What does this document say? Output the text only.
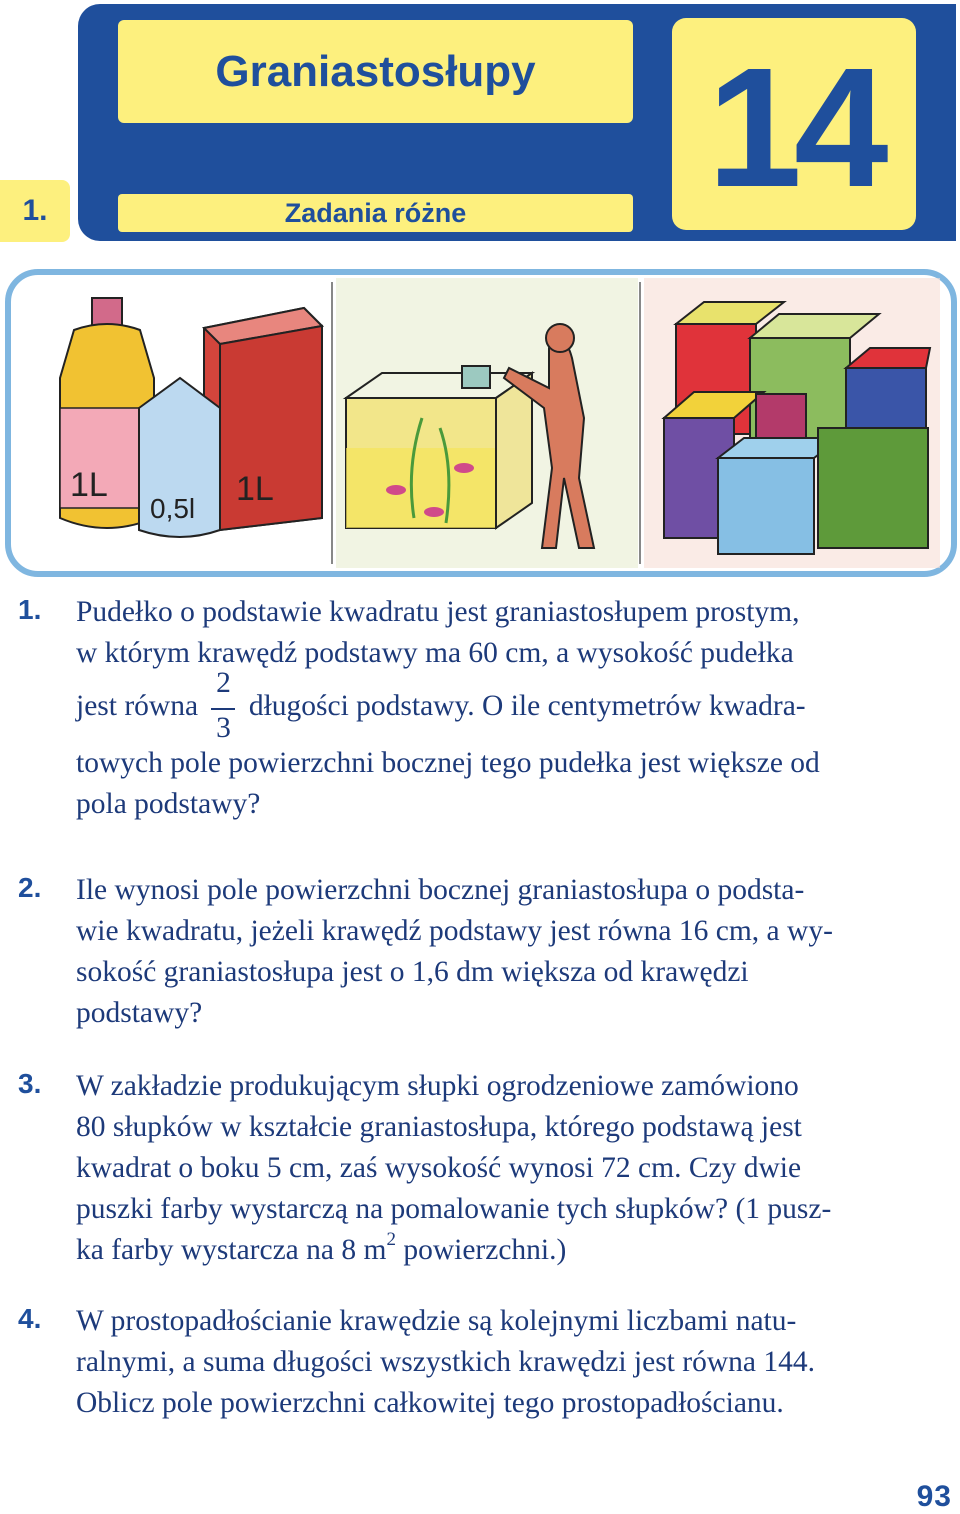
Graniastosłupy 14
1.	Zadania różne
1L
1L
0,5l
1. Pudełko o podstawie kwadratu jest graniastosłupem prostym,
w którym krawędź podstawy ma 60 cm, a wysokość pudełka
jest równa $\frac{2}{3}$ długości podstawy. O ile centymetrów kwadra-
towych pole powierzchni bocznej tego pudełka jest większe od
pola podstawy?
2. Ile wynosi pole powierzchni bocznej graniastosłupa o podsta-
wie kwadratu, jeżeli krawędź podstawy jest równa 16 cm, a wy-
sokość graniastosłupa jest o 1,6 dm większa od krawędzi
podstawy?
3. W zakładzie produkującym słupki ogrodzeniowe zamówiono
80 słupków w kształcie graniastosłupa, którego podstawą jest
kwadrat o boku 5 cm, zaś wysokość wynosi 72 cm. Czy dwie
puszki farby wystarczą na pomalowanie tych słupków? (1 pusz-
ka farby wystarcza na 8 $m^2$ powierzchni.)
4. W prostopadłościanie krawędzie są kolejnymi liczbami natu-
ralnymi, a suma długości wszystkich krawędzi jest równa 144.
Oblicz pole powierzchni całkowitej tego prostopadłościanu.
93
